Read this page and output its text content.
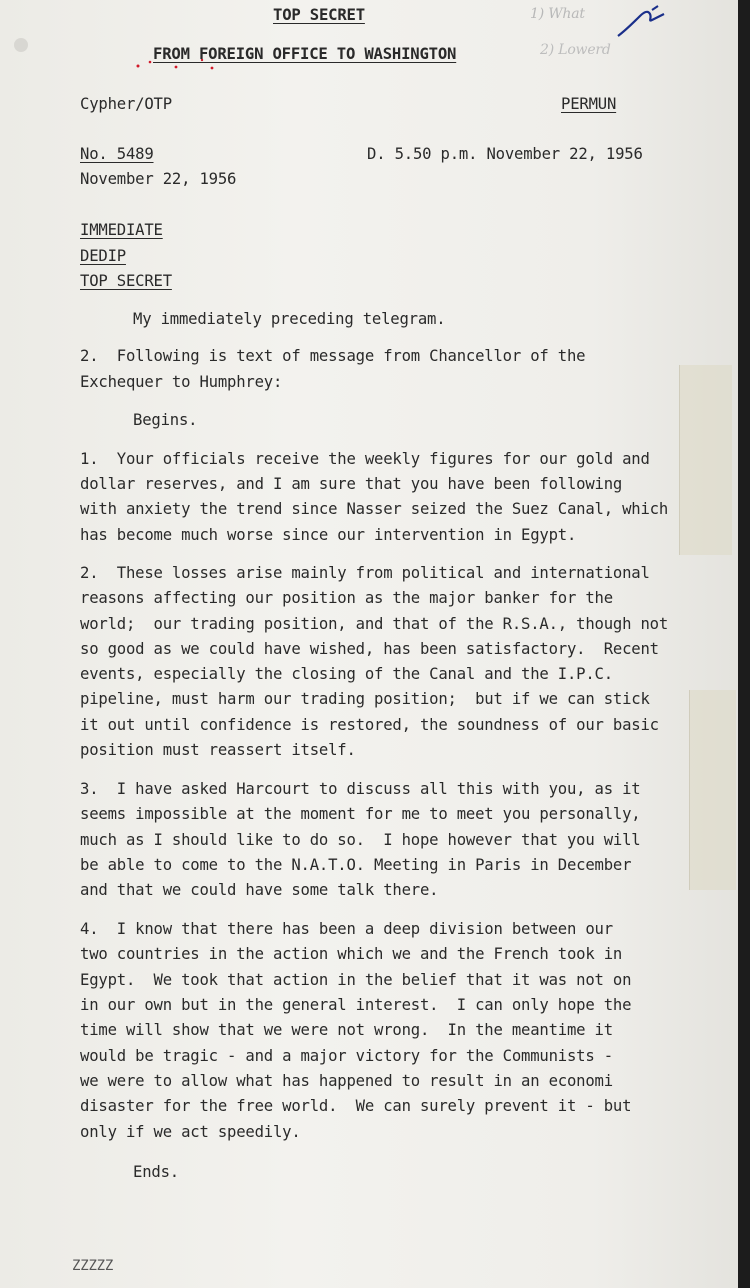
1) What
2) Lowerd
TOP SECRET
FROM FOREIGN OFFICE TO WASHINGTON
Cypher/OTP	PERMUN
No. 5489	D. 5.50 p.m. November 22, 1956
November 22, 1956
IMMEDIATE
DEDIP
TOP SECRET
My immediately preceding telegram.
2.  Following is text of message from Chancellor of the
Exchequer to Humphrey:
Begins.
1.  Your officials receive the weekly figures for our gold and
dollar reserves, and I am sure that you have been following
with anxiety the trend since Nasser seized the Suez Canal, which
has become much worse since our intervention in Egypt.
2.  These losses arise mainly from political and international
reasons affecting our position as the major banker for the
world;  our trading position, and that of the R.S.A., though not
so good as we could have wished, has been satisfactory.  Recent
events, especially the closing of the Canal and the I.P.C.
pipeline, must harm our trading position;  but if we can stick
it out until confidence is restored, the soundness of our basic
position must reassert itself.
3.  I have asked Harcourt to discuss all this with you, as it
seems impossible at the moment for me to meet you personally,
much as I should like to do so.  I hope however that you will
be able to come to the N.A.T.O. Meeting in Paris in December
and that we could have some talk there.
4.  I know that there has been a deep division between our
two countries in the action which we and the French took in
Egypt.  We took that action in the belief that it was not on
in our own but in the general interest.  I can only hope the
time will show that we were not wrong.  In the meantime it
would be tragic - and a major victory for the Communists -
we were to allow what has happened to result in an economi
disaster for the free world.  We can surely prevent it - but
only if we act speedily.
Ends.
ZZZZZ
